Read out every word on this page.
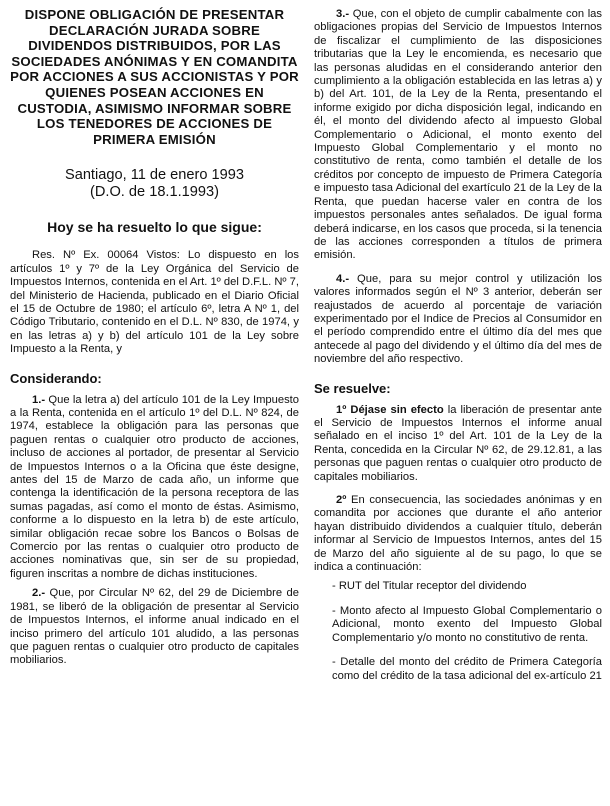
DISPONE OBLIGACIÓN DE PRESENTAR DECLARACIÓN JURADA SOBRE DIVIDENDOS DISTRIBUIDOS, POR LAS SOCIEDADES ANÓNIMAS Y EN COMANDITA POR ACCIONES A SUS ACCIONISTAS Y POR QUIENES POSEAN ACCIONES EN CUSTODIA, ASIMISMO INFORMAR SOBRE LOS TENEDORES DE ACCIONES DE PRIMERA EMISIÓN
Santiago, 11 de enero 1993
(D.O. de 18.1.1993)
Hoy se ha resuelto lo que sigue:

Res. Nº Ex. 00064 Vistos: Lo dispuesto en los artículos 1º y 7º de la Ley Orgánica del Servicio de Impuestos Internos, contenida en el Art. 1º del D.F.L. Nº 7, del Ministerio de Hacienda, publicado en el Diario Oficial el 15 de Octubre de 1980; el artículo 6º, letra A Nº 1, del Código Tributario, contenido en el D.L. Nº 830, de 1974, y en las letras a) y b) del artículo 101 de la Ley sobre Impuesto a la Renta, y

Considerando:

1.- Que la letra a) del artículo 101 de la Ley Impuesto a la Renta, contenida en el artículo 1º del D.L. Nº 824, de 1974, establece la obligación para las personas que paguen rentas o cualquier otro producto de acciones, incluso de acciones al portador, de presentar al Servicio de Impuestos Internos o a la Oficina que éste designe, antes del 15 de Marzo de cada año, un informe que contenga la identificación de la persona receptora de las sumas pagadas, así como el monto de éstas. Asimismo, conforme a lo dispuesto en la letra b) de este artículo, similar obligación recae sobre los Bancos o Bolsas de Comercio por las rentas o cualquier otro producto de acciones nominativas que, sin ser de su propiedad, figuren inscritas a nombre de dichas instituciones.

2.- Que, por Circular Nº 62, del 29 de Diciembre de 1981, se liberó de la obligación de presentar al Servicio de Impuestos Internos, el informe anual indicado en el inciso primero del artículo 101 aludido, a las personas que paguen rentas o cualquier otro producto de capitales mobiliarios.

3.- Que, con el objeto de cumplir cabalmente con las obligaciones propias del Servicio de Impuestos Internos de fiscalizar el cumplimiento de las disposiciones tributarias que la Ley le encomienda, es necesario que las personas aludidas en el considerando anterior den cumplimiento a la obligación establecida en las letras a) y b) del Art. 101, de la Ley de la Renta, presentando el informe exigido por dicha disposición legal, indicando en él, el monto del dividendo afecto al impuesto Global Complementario o Adicional, el monto exento del Impuesto Global Complementario y el monto no constitutivo de renta, como también el detalle de los créditos por concepto de impuesto de Primera Categoría e impuesto tasa Adicional del exartículo 21 de la Ley de la Renta, que puedan hacerse valer en contra de los impuestos personales antes señalados. De igual forma deberá indicarse, en los casos que proceda, si la tenencia de las acciones corresponden a títulos de primera emisión.

4.- Que, para su mejor control y utilización los valores informados según el Nº 3 anterior, deberán ser reajustados de acuerdo al porcentaje de variación experimentado por el Indice de Precios al Consumidor en el período comprendido entre el último día del mes que antecede al pago del dividendo y el último día del mes de noviembre del año respectivo.

Se resuelve:

1º Déjase sin efecto la liberación de presentar ante el Servicio de Impuestos Internos el informe anual señalado en el inciso 1º del Art. 101 de la Ley de la Renta, concedida en la Circular Nº 62, de 29.12.81, a las personas que paguen rentas o cualquier otro producto de capitales mobiliarios.

2º En consecuencia, las sociedades anónimas y en comandita por acciones que durante el año anterior hayan distribuido dividendos a cualquier título, deberán informar al Servicio de Impuestos Internos, antes del 15 de Marzo del año siguiente al de su pago, lo que se indica a continuación:

- RUT del Titular receptor del dividendo

- Monto afecto al Impuesto Global Complementario o Adicional, monto exento del Impuesto Global Complementario y/o monto no constitutivo de renta.

- Detalle del monto del crédito de Primera Categoría como del crédito de la tasa adicional del ex-artículo 21
